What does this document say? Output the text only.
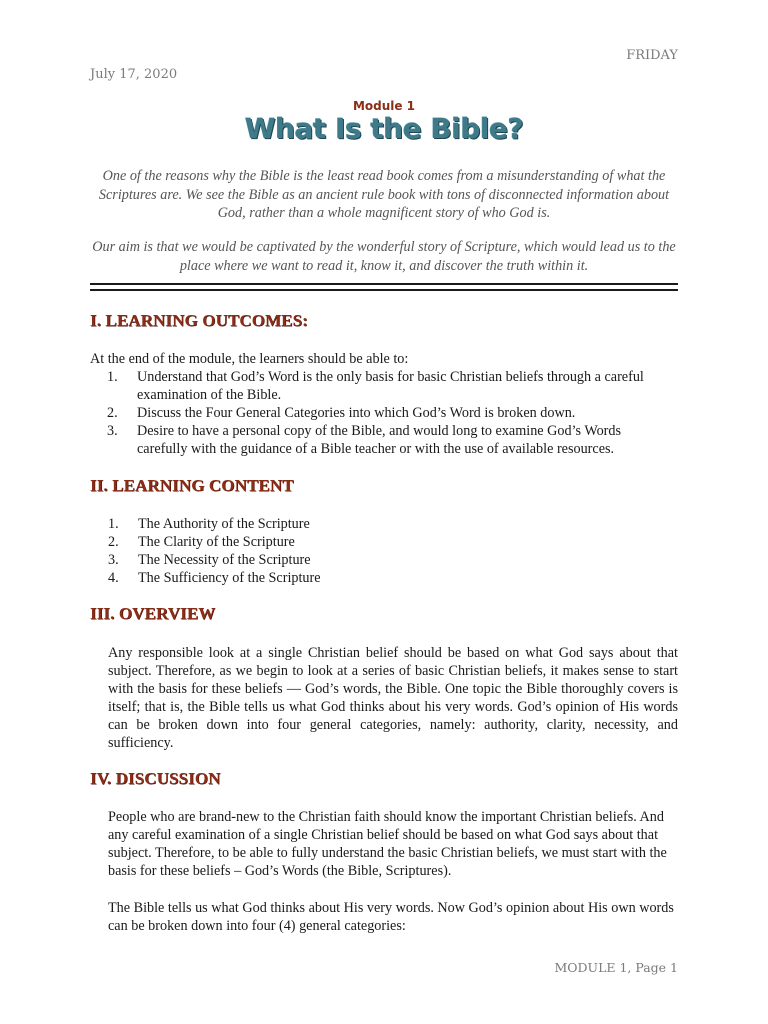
FRIDAY
July 17, 2020
Module 1
What Is the Bible?

One of the reasons why the Bible is the least read book comes from a misunderstanding of what the Scriptures are. We see the Bible as an ancient rule book with tons of disconnected information about God, rather than a whole magnificent story of who God is.

Our aim is that we would be captivated by the wonderful story of Scripture, which would lead us to the place where we want to read it, know it, and discover the truth within it.

I. LEARNING OUTCOMES:

At the end of the module, the learners should be able to:

1. Understand that God’s Word is the only basis for basic Christian beliefs through a careful examination of the Bible.
2. Discuss the Four General Categories into which God’s Word is broken down.
3. Desire to have a personal copy of the Bible, and would long to examine God’s Words carefully with the guidance of a Bible teacher or with the use of available resources.
II. LEARNING CONTENT
1. The Authority of the Scripture
2. The Clarity of the Scripture
3. The Necessity of the Scripture
4. The Sufficiency of the Scripture
III. OVERVIEW

Any responsible look at a single Christian belief should be based on what God says about that subject. Therefore, as we begin to look at a series of basic Christian beliefs, it makes sense to start with the basis for these beliefs — God’s words, the Bible. One topic the Bible thoroughly covers is itself; that is, the Bible tells us what God thinks about his very words. God’s opinion of His words can be broken down into four general categories, namely: authority, clarity, necessity, and sufficiency.

IV. DISCUSSION

People who are brand-new to the Christian faith should know the important Christian beliefs. And any careful examination of a single Christian belief should be based on what God says about that subject. Therefore, to be able to fully understand the basic Christian beliefs, we must start with the basis for these beliefs – God’s Words (the Bible, Scriptures).

The Bible tells us what God thinks about His very words. Now God’s opinion about His own words can be broken down into four (4) general categories:

MODULE 1, Page 1
